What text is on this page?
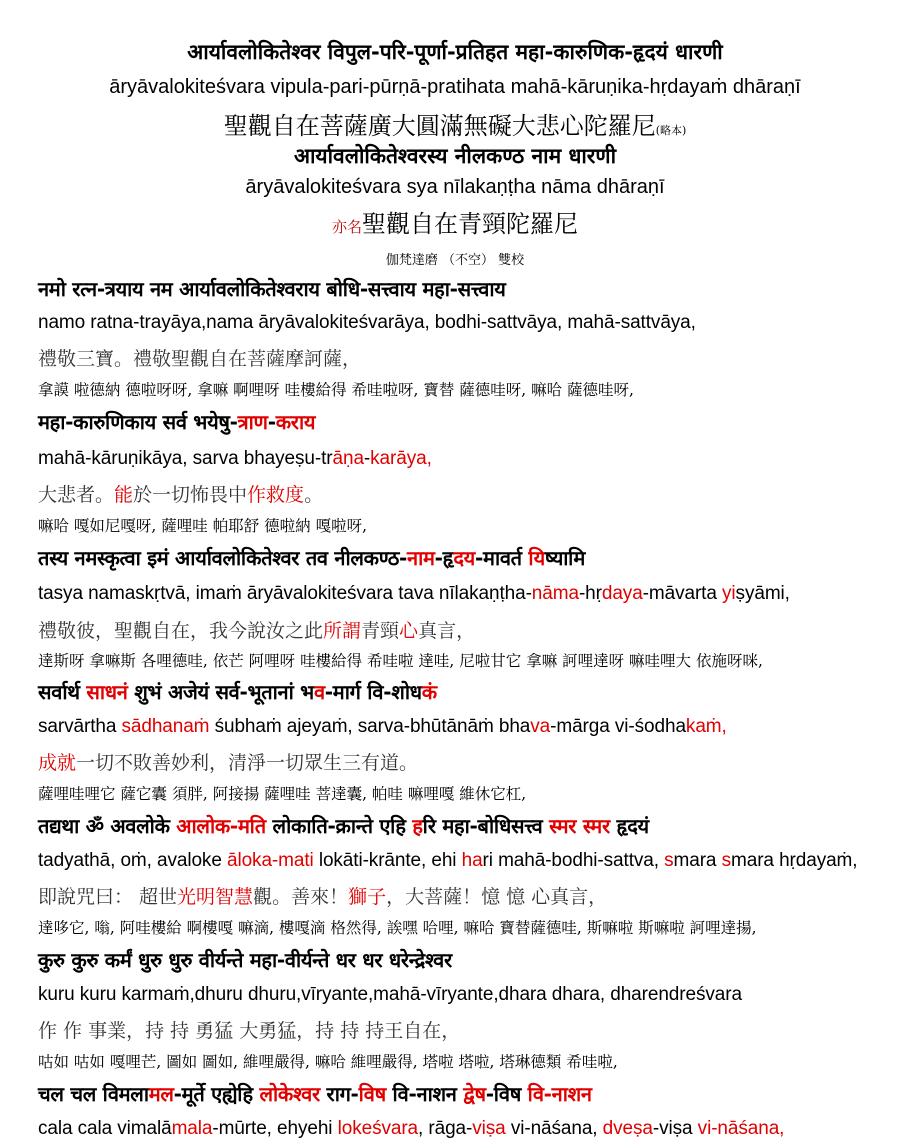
आर्यावलोकितेश्वर विपुल-परि-पूर्णा-प्रतिहत महा-कारुणिक-हृदयं धारणी
āryāvalokiteśvara vipula-pari-pūrṇā-pratihata mahā-kāruṇika-hṛdayaṁ dhāraṇī
聖觀自在菩薩廣大圓滿無礙大悲心陀羅尼(略本)
आर्यावलोकितेश्वरस्य नीलकण्ठ नाम धारणी
āryāvalokiteśvara sya nīlakaṇṭha nāma dhāraṇī
亦名聖觀自在青頸陀羅尼
伽梵達磨 （不空） 雙校
नमो रत्न-त्रयाय नम आर्यावलोकितेश्वराय बोधि-सत्त्वाय महा-सत्त्वाय
namo ratna-trayāya,nama āryāvalokiteśvarāya, bodhi-sattvāya, mahā-sattvāya,
禮敬三寶。禮敬聖觀自在菩薩摩訶薩，
拿謨 啦德納 德啦呀呀, 拿嘛 啊哩呀 哇樓給得 希哇啦呀, 寶替 薩德哇呀, 嘛哈 薩德哇呀,
महा-कारुणिकाय सर्व भयेषु-त्राण-कराय
mahā-kāruṇikāya, sarva bhayeṣu-trāṇa-karāya,
大悲者。能於一切怖畏中作救度。
嘛哈 嘎如尼嘎呀, 薩哩哇 帕耶舒 德啦納 嘎啦呀,
तस्य नमस्कृत्वा इमं आर्यावलोकितेश्वर तव नीलकण्ठ-नाम-हृदय-मावर्त यिष्यामि
tasya namaskṛtvā, imaṁ āryāvalokiteśvara tava nīlakaṇṭha-nāma-hṛdaya-māvarta yiṣyāmi,
禮敬彼，聖觀自在，我今說汝之此所謂青頸心真言，
達斯呀 拿嘛斯 各哩德哇, 依芒 阿哩呀 哇樓給得 希哇啦 達哇, 尼啦甘它 拿嘛 訶哩達呀 嘛哇哩大 依施呀咪,
सर्वार्थ साधनं शुभं अजेयं सर्व-भूतानां भव-मार्ग वि-शोधकं
sarvārtha sādhanaṁ śubhaṁ ajeyaṁ, sarva-bhūtānāṁ bhava-mārga vi-śodhakaṁ,
成就一切不敗善妙利，清淨一切眾生三有道。
薩哩哇哩它 薩它囊 須胖, 阿接揚 薩哩哇 菩達囊, 帕哇 嘛哩嘎 維休它杠,
तद्यथा ॐ अवलोके आलोक-मति लोकाति-क्रान्ते एहि हरि महा-बोधिसत्त्व स्मर स्मर हृदयं
tadyathā, oṁ, avaloke āloka-mati lokāti-krānte, ehi hari mahā-bodhi-sattva, smara smara hṛdayaṁ,
即說咒曰： 超世光明智慧觀。善來！獅子，大菩薩！憶 憶 心真言，
達哆它, 嗡, 阿哇樓給 啊樓嘎 嘛滴, 樓嘎滴 格然得, 誒嘿 哈哩, 嘛哈 寶替薩德哇, 斯嘛啦 斯嘛啦 訶哩達揚,
कुरु कुरु कर्मं धुरु धुरु वीर्यन्ते महा-वीर्यन्ते धर धर धरेन्द्रेश्वर
kuru kuru karmaṁ,dhuru dhuru,vīryante,mahā-vīryante,dhara dhara, dharendreśvara
作 作 事業，持 持 勇猛 大勇猛，持 持 持王自在，
咕如 咕如 嘎哩芒, 圖如 圖如, 維哩嚴得, 嘛哈 維哩嚴得, 塔啦 塔啦, 塔琳德類 希哇啦,
चल चल विमलामल-मूर्ते एह्येहि लोकेश्वर राग-विष वि-नाशन द्वेष-विष वि-नाशन
cala cala vimalāmala-mūrte, ehyehi lokeśvara, rāga-viṣa vi-nāśana, dveṣa-viṣa vi-nāśana,
